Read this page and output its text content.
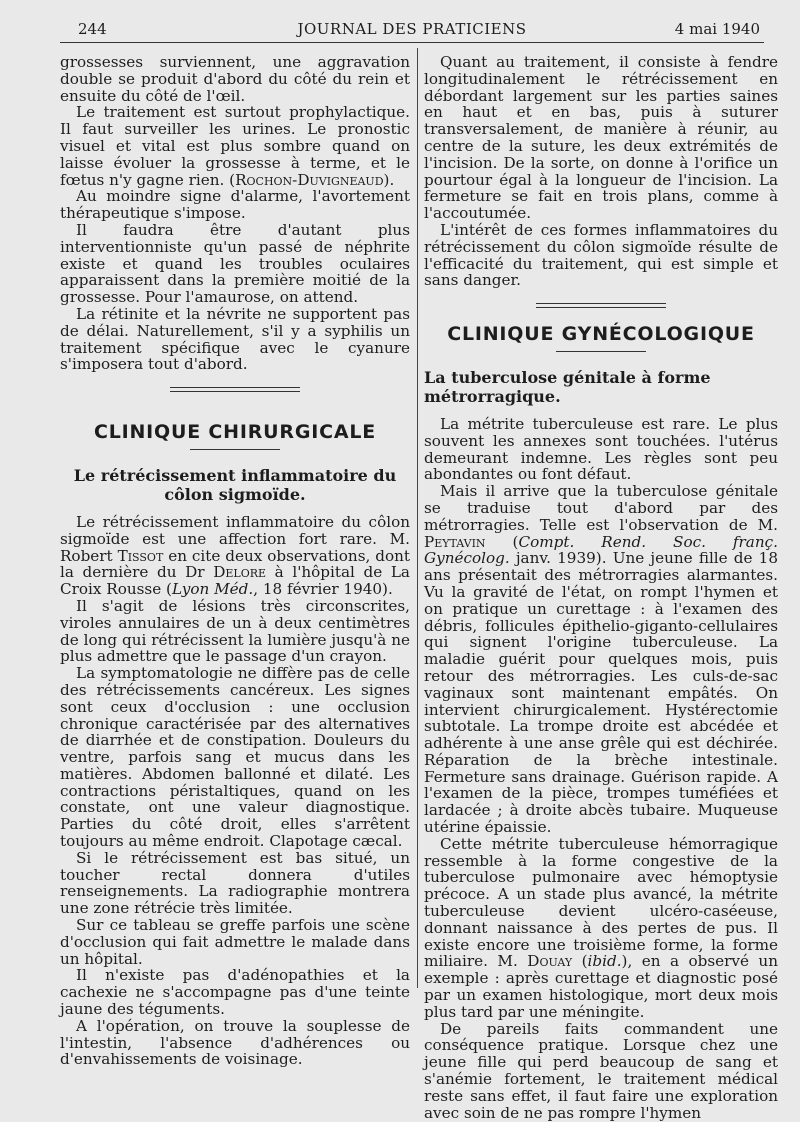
244	JOURNAL DES PRATICIENS	4 mai 1940

grossesses surviennent, une aggravation double se produit d'abord du côté du rein et ensuite du côté de l'œil.

Le traitement est surtout prophylactique. Il faut surveiller les urines. Le pronostic visuel et vital est plus sombre quand on laisse évoluer la grossesse à terme, et le fœtus n'y gagne rien. (Rochon-Duvigneaud).

Au moindre signe d'alarme, l'avortement thérapeutique s'impose.

Il faudra être d'autant plus interventionniste qu'un passé de néphrite existe et quand les troubles oculaires apparaissent dans la première moitié de la grossesse. Pour l'amaurose, on attend.

La rétinite et la névrite ne supportent pas de délai. Naturellement, s'il y a syphilis un traitement spécifique avec le cyanure s'imposera tout d'abord.

CLINIQUE CHIRURGICALE
Le rétrécissement inflammatoire du côlon sigmoïde.

Le rétrécissement inflammatoire du côlon sigmoïde est une affection fort rare. M. Robert Tissot en cite deux observations, dont la dernière du Dr Delore à l'hôpital de La Croix Rousse (Lyon Méd., 18 février 1940).

Il s'agit de lésions très circonscrites, viroles annulaires de un à deux centimètres de long qui rétrécissent la lumière jusqu'à ne plus admettre que le passage d'un crayon.

La symptomatologie ne diffère pas de celle des rétrécissements cancéreux. Les signes sont ceux d'occlusion : une occlusion chronique caractérisée par des alternatives de diarrhée et de constipation. Douleurs du ventre, parfois sang et mucus dans les matières. Abdomen ballonné et dilaté. Les contractions péristaltiques, quand on les constate, ont une valeur diagnostique. Parties du côté droit, elles s'arrêtent toujours au même endroit. Clapotage cæcal.

Si le rétrécissement est bas situé, un toucher rectal donnera d'utiles renseignements. La radiographie montrera une zone rétrécie très limitée.

Sur ce tableau se greffe parfois une scène d'occlusion qui fait admettre le malade dans un hôpital.

Il n'existe pas d'adénopathies et la cachexie ne s'accompagne pas d'une teinte jaune des téguments.

A l'opération, on trouve la souplesse de l'intestin, l'absence d'adhérences ou d'envahissements de voisinage.

Quant au traitement, il consiste à fendre longitudinalement le rétrécissement en débordant largement sur les parties saines en haut et en bas, puis à suturer transversalement, de manière à réunir, au centre de la suture, les deux extrémités de l'incision. De la sorte, on donne à l'orifice un pourtour égal à la longueur de l'incision. La fermeture se fait en trois plans, comme à l'accoutumée.

L'intérêt de ces formes inflammatoires du rétrécissement du côlon sigmoïde résulte de l'efficacité du traitement, qui est simple et sans danger.

CLINIQUE GYNÉCOLOGIQUE
La tuberculose génitale à forme métrorragique.

La métrite tuberculeuse est rare. Le plus souvent les annexes sont touchées. l'utérus demeurant indemne. Les règles sont peu abondantes ou font défaut.

Mais il arrive que la tuberculose génitale se traduise tout d'abord par des métrorragies. Telle est l'observation de M. Peytavin (Compt. Rend. Soc. franç. Gynécolog. janv. 1939). Une jeune fille de 18 ans présentait des métrorragies alarmantes. Vu la gravité de l'état, on rompt l'hymen et on pratique un curettage : à l'examen des débris, follicules épithelio-giganto-cellulaires qui signent l'origine tuberculeuse. La maladie guérit pour quelques mois, puis retour des métrorragies. Les culs-de-sac vaginaux sont maintenant empâtés. On intervient chirurgicalement. Hystérectomie subtotale. La trompe droite est abcédée et adhérente à une anse grêle qui est déchirée. Réparation de la brèche intestinale. Fermeture sans drainage. Guérison rapide. A l'examen de la pièce, trompes tuméfiées et lardacée ; à droite abcès tubaire. Muqueuse utérine épaissie.

Cette métrite tuberculeuse hémorragique ressemble à la forme congestive de la tuberculose pulmonaire avec hémoptysie précoce. A un stade plus avancé, la métrite tuberculeuse devient ulcéro-caséeuse, donnant naissance à des pertes de pus. Il existe encore une troisième forme, la forme miliaire. M. Douay (ibid.), en a observé un exemple : après curettage et diagnostic posé par un examen histologique, mort deux mois plus tard par une méningite.

De pareils faits commandent une conséquence pratique. Lorsque chez une jeune fille qui perd beaucoup de sang et s'anémie fortement, le traitement médical reste sans effet, il faut faire une exploration avec soin de ne pas rompre l'hymen
